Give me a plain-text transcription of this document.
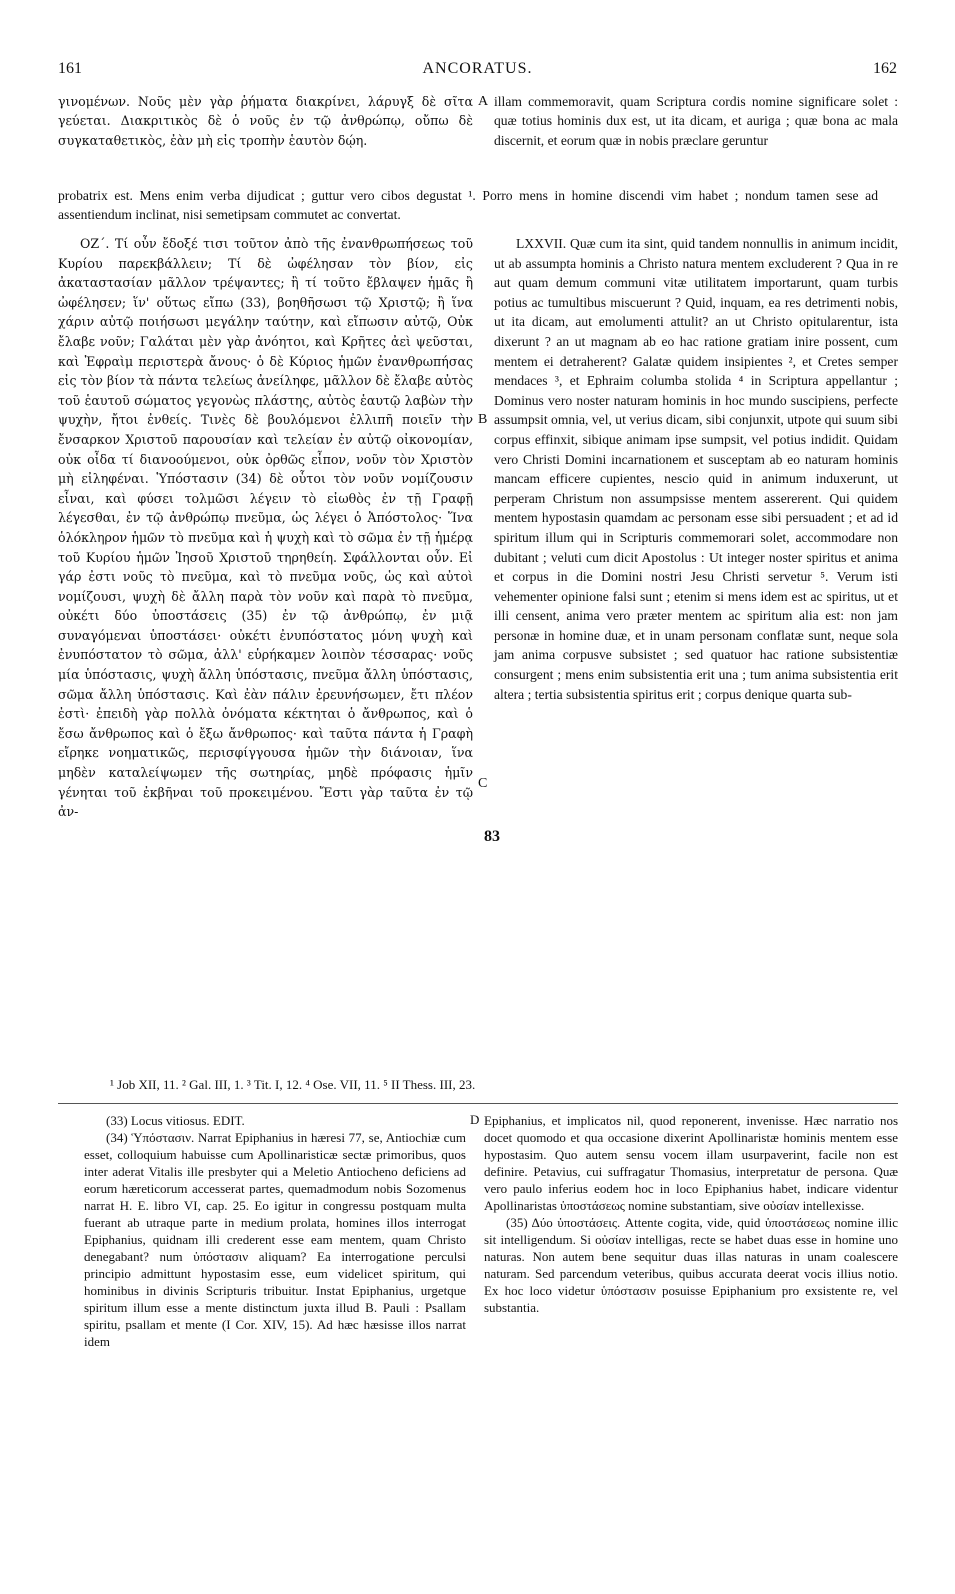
161	ANCORATUS.	162

γινομένων. Νοῦς μὲν γὰρ ῥήματα διακρίνει, λάρυγξ δὲ σῖτα γεύεται. Διακριτικὸς δὲ ὁ νοῦς ἐν τῷ ἀνθρώπῳ, οὔπω δὲ συγκαταθετικὸς, ἐὰν μὴ εἰς τροπὴν ἑαυτὸν δῴη.

A illam commemoravit, quam Scriptura cordis nomine significare solet : quæ totius hominis dux est, ut ita dicam, et auriga ; quæ bona ac mala discernit, et eorum quæ in nobis præclare geruntur

probatrix est. Mens enim verba dijudicat ; guttur vero cibos degustat ¹. Porro mens in homine discendi vim habet ; nondum tamen sese ad assentiendum inclinat, nisi semetipsam commutet ac convertat.

ΟΖ΄. Τί οὖν ἔδοξέ τισι τοῦτον ἀπὸ τῆς ἐνανθρωπήσεως τοῦ Κυρίου παρεκβάλλειν; Τί δὲ ὠφέλησαν τὸν βίον, εἰς ἀκαταστασίαν μᾶλλον τρέψαντες; ἢ τί τοῦτο ἔβλαψεν ἡμᾶς ἢ ὠφέλησεν; ἵν' οὕτως εἴπω (33), βοηθῆσωσι τῷ Χριστῷ; ἢ ἵνα χάριν αὐτῷ ποιήσωσι μεγάλην ταύτην, καὶ εἴπωσιν αὐτῷ, Οὐκ ἔλαβε νοῦν; Γαλάται μὲν γὰρ ἀνόητοι, καὶ Κρῆτες ἀεὶ ψεῦσται, καὶ Ἐφραὶμ περιστερὰ ἄνους· ὁ δὲ Κύριος ἡμῶν ἐνανθρωπήσας εἰς τὸν βίον τὰ πάντα τελείως ἀνείληφε, μᾶλλον δὲ ἔλαβε αὐτὸς τοῦ ἑαυτοῦ σώματος γεγονὼς πλάστης, αὐτὸς ἑαυτῷ λαβὼν τὴν ψυχὴν, ἤτοι ἐνθείς. Τινὲς δὲ βουλόμενοι ἐλλιπῆ ποιεῖν τὴν ἔνσαρκον Χριστοῦ παρουσίαν καὶ τελείαν ἐν αὐτῷ οἰκονομίαν, οὐκ οἶδα τί διανοούμενοι, οὐκ ὀρθῶς εἶπον, νοῦν τὸν Χριστὸν μὴ εἰληφέναι. Ὑπόστασιν (34) δὲ οὗτοι τὸν νοῦν νομίζουσιν εἶναι, καὶ φύσει τολμῶσι λέγειν τὸ εἰωθὸς ἐν τῇ Γραφῇ λέγεσθαι, ἐν τῷ ἀνθρώπῳ πνεῦμα, ὡς λέγει ὁ Ἀπόστολος· Ἵνα ὁλόκληρον ἡμῶν τὸ πνεῦμα καὶ ἡ ψυχὴ καὶ τὸ σῶμα ἐν τῇ ἡμέρᾳ τοῦ Κυρίου ἡμῶν Ἰησοῦ Χριστοῦ τηρηθείη. Σφάλλονται οὖν. Εἰ γάρ ἐστι νοῦς τὸ πνεῦμα, καὶ τὸ πνεῦμα νοῦς, ὡς καὶ αὐτοὶ νομίζουσι, ψυχὴ δὲ ἄλλη παρὰ τὸν νοῦν καὶ παρὰ τὸ πνεῦμα, οὐκέτι δύο ὑποστάσεις (35) ἐν τῷ ἀνθρώπῳ, ἐν μιᾷ συναγόμεναι ὑποστάσει· οὐκέτι ἐνυπόστατος μόνη ψυχὴ καὶ ἐνυπόστατον τὸ σῶμα, ἀλλ' εὑρήκαμεν λοιπὸν τέσσαρας· νοῦς μία ὑπόστασις, ψυχὴ ἄλλη ὑπόστασις, πνεῦμα ἄλλη ὑπόστασις, σῶμα ἄλλη ὑπόστασις. Καὶ ἐὰν πάλιν ἐρευνήσωμεν, ἔτι πλέον ἐστὶ· ἐπειδὴ γὰρ πολλὰ ὀνόματα κέκτηται ὁ ἄνθρωπος, καὶ ὁ ἔσω ἄνθρωπος καὶ ὁ ἔξω ἄνθρωπος· καὶ ταῦτα πάντα ἡ Γραφὴ εἴρηκε νοηματικῶς, περισφίγγουσα ἡμῶν τὴν διάνοιαν, ἵνα μηδὲν καταλείψωμεν τῆς σωτηρίας, μηδὲ πρόφασις ἡμῖν γένηται τοῦ ἐκβῆναι τοῦ προκειμένου. Ἔστι γὰρ ταῦτα ἐν τῷ ἀν-

B
C
83

LXXVII. Quæ cum ita sint, quid tandem nonnullis in animum incidit, ut ab assumpta hominis a Christo natura mentem excluderent ? Qua in re aut quam demum communi vitæ utilitatem importarunt, quam turbis potius ac tumultibus miscuerunt ? Quid, inquam, ea res detrimenti nobis, ut ita dicam, aut emolumenti attulit? an ut Christo opitularentur, ista dixerunt ? an ut magnam ab eo hac ratione gratiam inire possent, cum mentem ei detraherent? Galatæ quidem insipientes ², et Cretes semper mendaces ³, et Ephraim columba stolida ⁴ in Scriptura appellantur ; Dominus vero noster naturam hominis in hoc mundo suscipiens, perfecte assumpsit omnia, vel, ut verius dicam, sibi conjunxit, utpote qui suum sibi corpus effinxit, sibique animam ipse sumpsit, vel potius indidit. Quidam vero Christi Domini incarnationem et susceptam ab eo naturam hominis mancam efficere cupientes, nescio quid in animum induxerunt, ut perperam Christum non assumpsisse mentem assererent. Qui quidem mentem hypostasin quamdam ac personam esse sibi persuadent ; et ad id spiritum illum qui in Scripturis commemorari solet, accommodare non dubitant ; veluti cum dicit Apostolus : Ut integer noster spiritus et anima et corpus in die Domini nostri Jesu Christi servetur ⁵. Verum isti vehementer opinione falsi sunt ; etenim si mens idem est ac spiritus, ut et illi censent, anima vero præter mentem ac spiritum alia est: non jam personæ in homine duæ, et in unam personam conflatæ sunt, neque sola jam anima corpusve subsistet ; sed quatuor hac ratione subsistentiæ consurgent ; mens enim subsistentia erit una ; tum anima subsistentia erit altera ; tertia subsistentia spiritus erit ; corpus denique quarta sub-

¹ Job XII, 11. ² Gal. III, 1. ³ Tit. I, 12. ⁴ Ose. VII, 11. ⁵ II Thess. III, 23.

(33) Locus vitiosus. EDIT.

(34) Ὑπόστασιν. Narrat Epiphanius in hæresi 77, se, Antiochiæ cum esset, colloquium habuisse cum Apollinaristicæ sectæ primoribus, quos inter aderat Vitalis ille presbyter qui a Meletio Antiocheno deficiens ad eorum hæreticorum accesserat partes, quemadmodum nobis Sozomenus narrat H. E. libro VI, cap. 25. Eo igitur in congressu postquam multa fuerant ab utraque parte in medium prolata, homines illos interrogat Epiphanius, quidnam illi crederent esse eam mentem, quam Christo denegabant? num ὑπόστασιν aliquam? Ea interrogatione perculsi principio admittunt hypostasim esse, eum videlicet spiritum, qui hominibus in divinis Scripturis tribuitur. Instat Epiphanius, urgetque spiritum illum esse a mente distinctum juxta illud B. Pauli : Psallam spiritu, psallam et mente (I Cor. XIV, 15). Ad hæc hæsisse illos narrat idem

D Epiphanius, et implicatos nil, quod reponerent, invenisse. Hæc narratio nos docet quomodo et qua occasione dixerint Apollinaristæ hominis mentem esse hypostasim. Quo autem sensu vocem illam usurpaverint, facile non est definire. Petavius, cui suffragatur Thomasius, interpretatur de persona. Quæ vero paulo inferius eodem hoc in loco Epiphanius habet, indicare videntur Apollinaristas ὑποστάσεως nomine substantiam, sive οὐσίαν intellexisse.

(35) Δύο ὑποστάσεις. Attente cogita, vide, quid ὑποστάσεως nomine illic sit intelligendum. Si οὐσίαν intelligas, recte se habet duas esse in homine uno naturas. Non autem bene sequitur duas illas naturas in unam coalescere naturam. Sed parcendum veteribus, quibus accurata deerat vocis illius notio. Ex hoc loco videtur ὑπόστασιν posuisse Epiphanium pro exsistente re, vel substantia.
